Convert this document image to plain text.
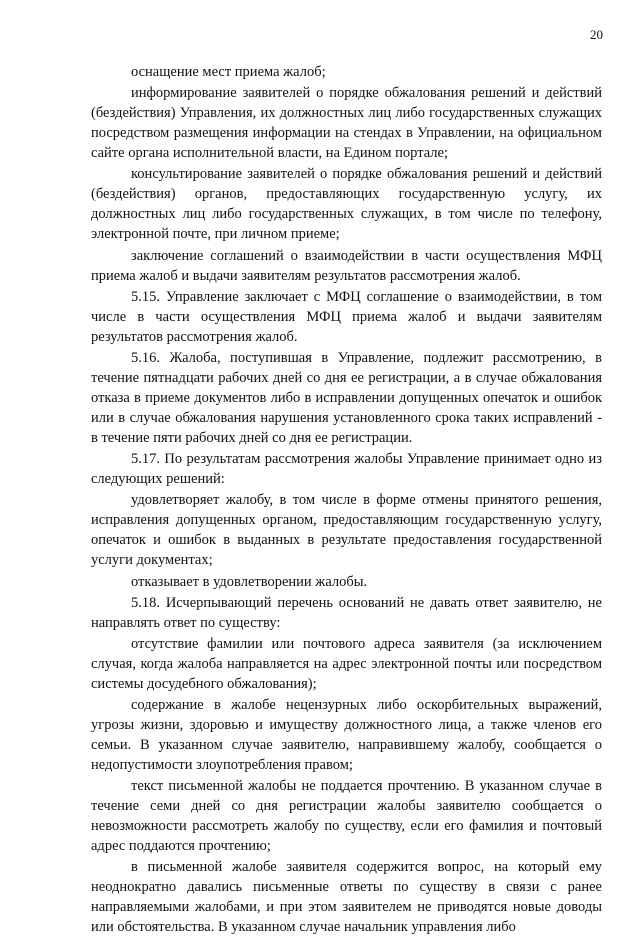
20

оснащение мест приема жалоб;

информирование заявителей о порядке обжалования решений и действий (бездействия) Управления, их должностных лиц либо государственных служащих посредством размещения информации на стендах в Управлении, на официальном сайте органа исполнительной власти, на Едином портале;

консультирование заявителей о порядке обжалования решений и действий (бездействия) органов, предоставляющих государственную услугу, их должностных лиц либо государственных служащих, в том числе по телефону, электронной почте, при личном приеме;

заключение соглашений о взаимодействии в части осуществления МФЦ приема жалоб и выдачи заявителям результатов рассмотрения жалоб.

5.15. Управление заключает с МФЦ соглашение о взаимодействии, в том числе в части осуществления МФЦ приема жалоб и выдачи заявителям результатов рассмотрения жалоб.

5.16. Жалоба, поступившая в Управление, подлежит рассмотрению, в течение пятнадцати рабочих дней со дня ее регистрации, а в случае обжалования отказа в приеме документов либо в исправлении допущенных опечаток и ошибок или в случае обжалования нарушения установленного срока таких исправлений - в течение пяти рабочих дней со дня ее регистрации.

5.17. По результатам рассмотрения жалобы Управление принимает одно из следующих решений:

удовлетворяет жалобу, в том числе в форме отмены принятого решения, исправления допущенных органом, предоставляющим государственную услугу, опечаток и ошибок в выданных в результате предоставления государственной услуги документах;

отказывает в удовлетворении жалобы.

5.18. Исчерпывающий перечень оснований не давать ответ заявителю, не направлять ответ по существу:

отсутствие фамилии или почтового адреса заявителя (за исключением случая, когда жалоба направляется на адрес электронной почты или посредством системы досудебного обжалования);

содержание в жалобе нецензурных либо оскорбительных выражений, угрозы жизни, здоровью и имуществу должностного лица, а также членов его семьи. В указанном случае заявителю, направившему жалобу, сообщается о недопустимости злоупотребления правом;

текст письменной жалобы не поддается прочтению. В указанном случае в течение семи дней со дня регистрации жалобы заявителю сообщается о невозможности рассмотреть жалобу по существу, если его фамилия и почтовый адрес поддаются прочтению;

в письменной жалобе заявителя содержится вопрос, на который ему неоднократно давались письменные ответы по существу в связи с ранее направляемыми жалобами, и при этом заявителем не приводятся новые доводы или обстоятельства. В указанном случае начальник управления либо
